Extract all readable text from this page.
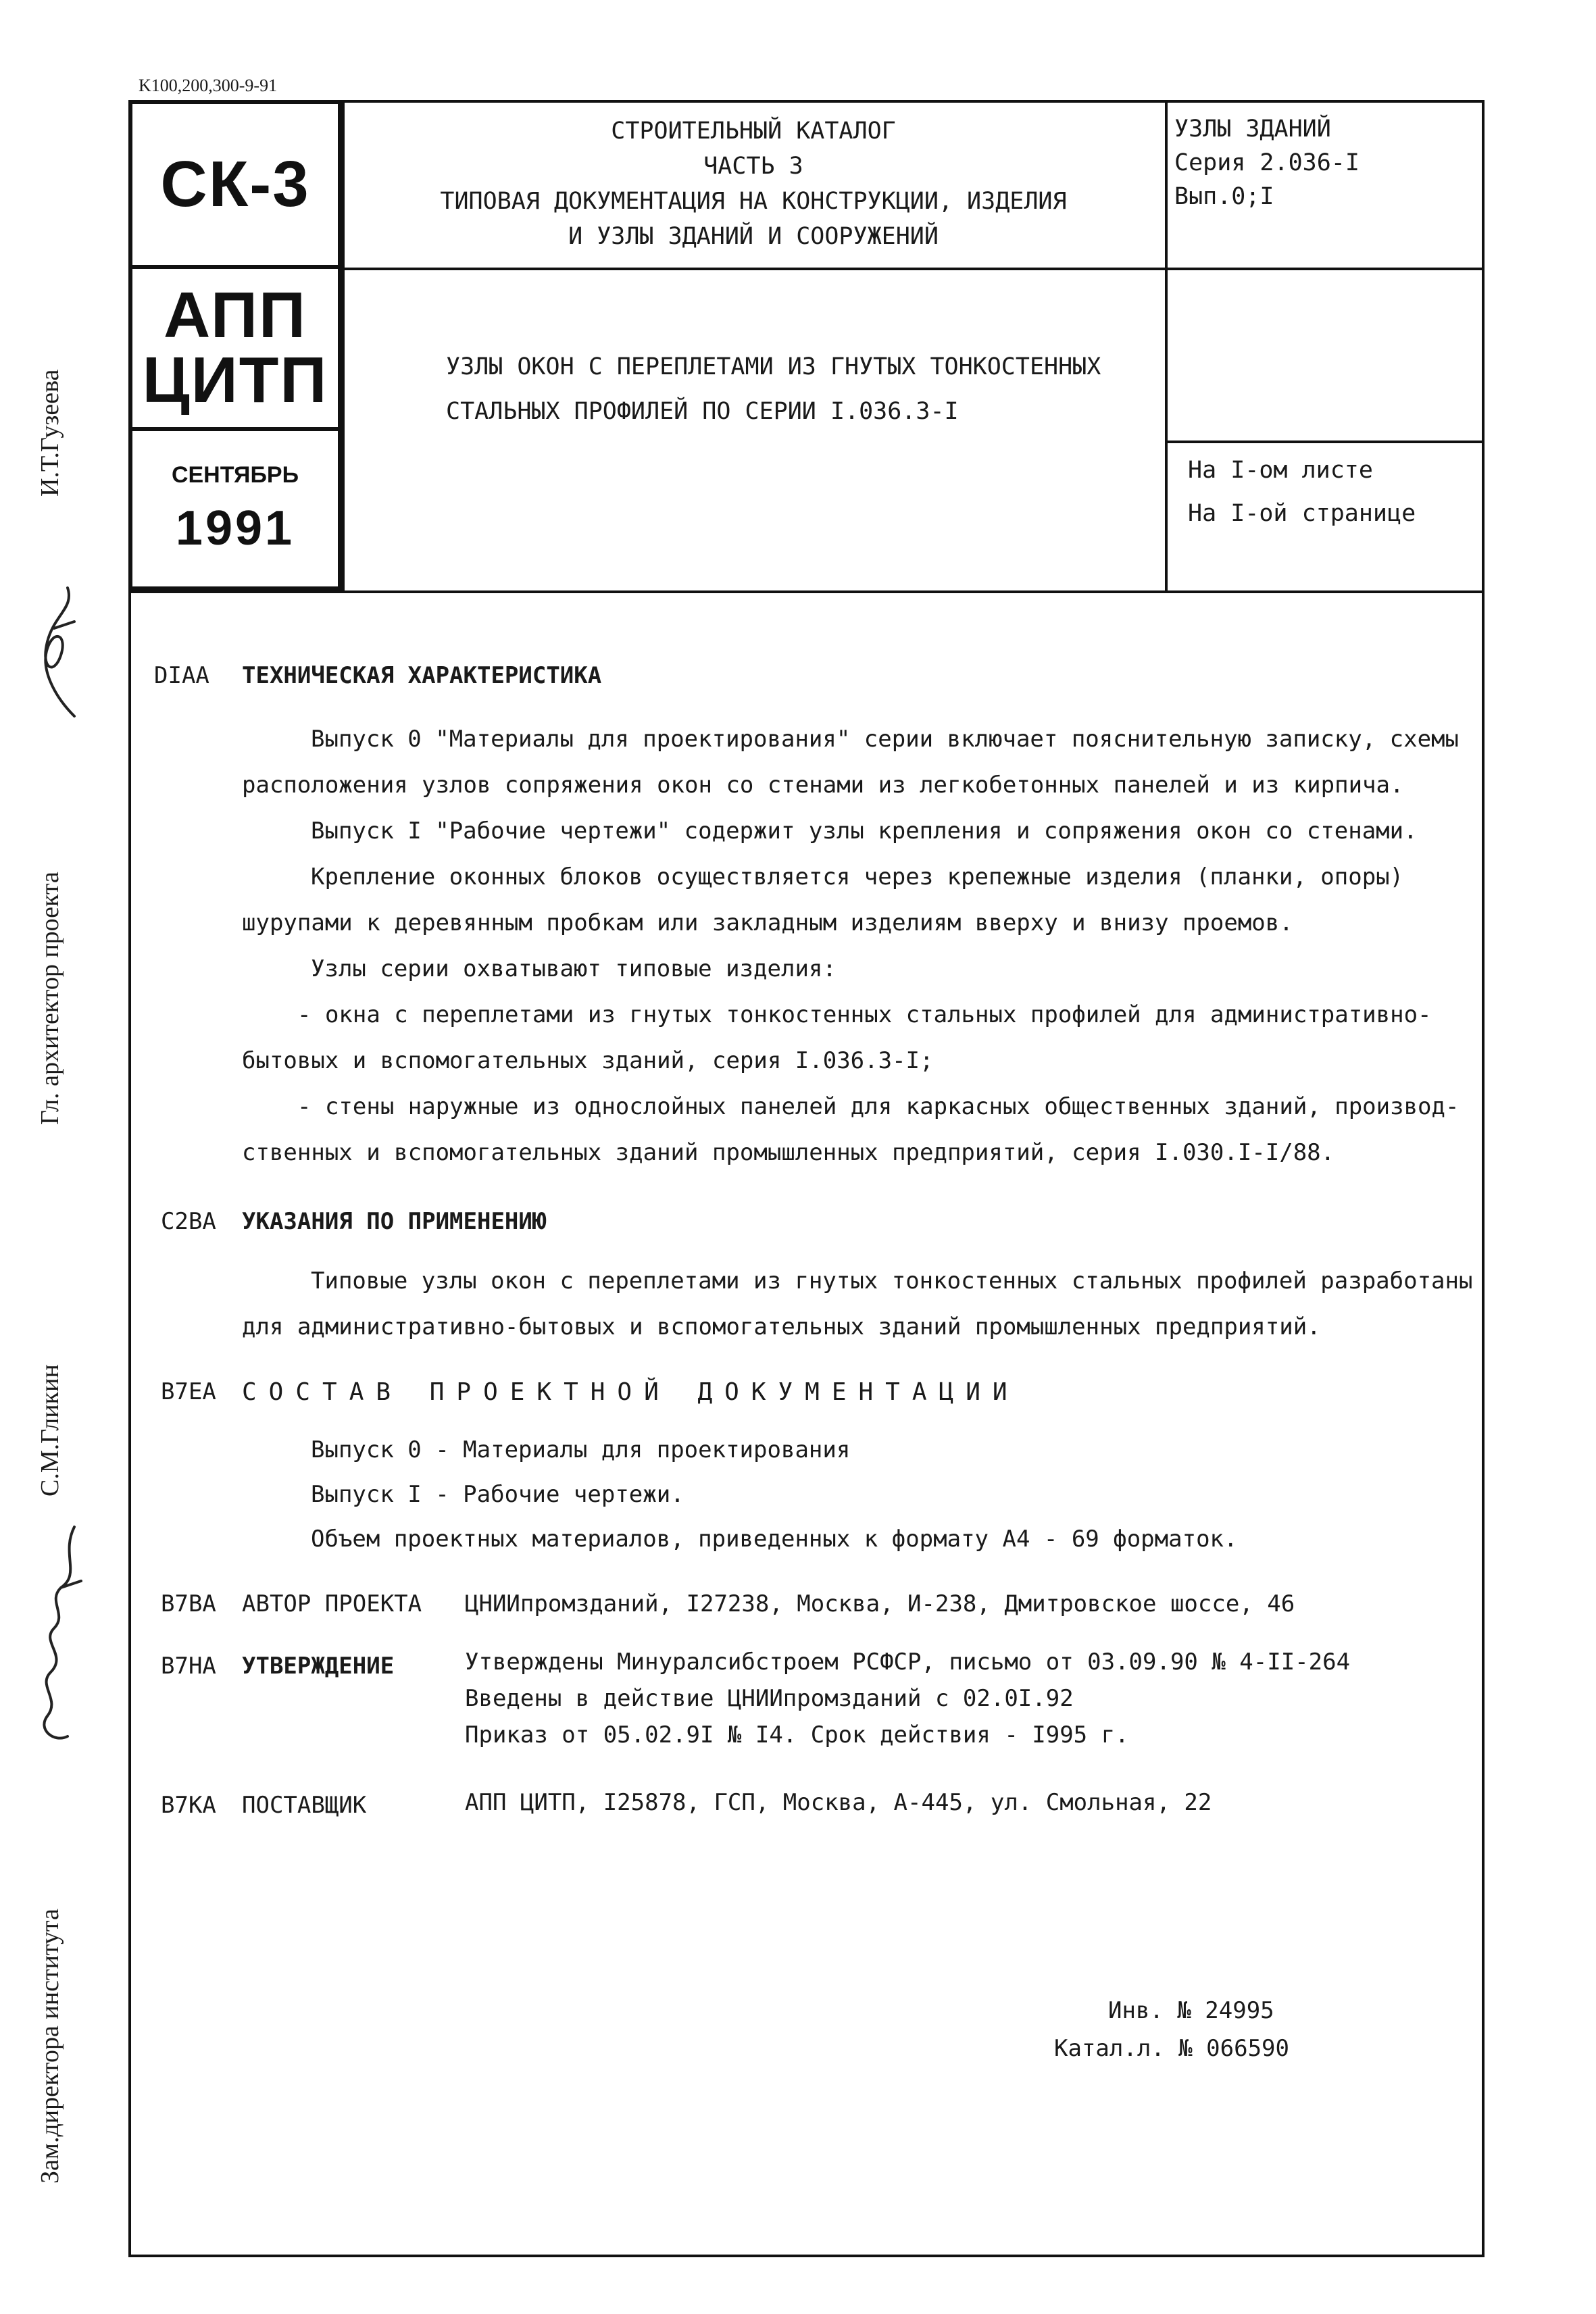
K100,200,300-9-91
СК-3
АПП
ЦИТП
СЕНТЯБРЬ
1991
СТРОИТЕЛЬНЫЙ КАТАЛОГ
ЧАСТЬ 3
ТИПОВАЯ ДОКУМЕНТАЦИЯ НА КОНСТРУКЦИИ, ИЗДЕЛИЯ
И УЗЛЫ ЗДАНИЙ И СООРУЖЕНИЙ
УЗЛЫ ЗДАНИЙ
Серия 2.036-I
Вып.0;I
УЗЛЫ ОКОН С ПЕРЕПЛЕТАМИ ИЗ ГНУТЫХ ТОНКОСТЕННЫХ
СТАЛЬНЫХ ПРОФИЛЕЙ ПО СЕРИИ I.036.3-I
На I-ом листе
На I-ой странице
И.Т.Гузеева
Гл. архитектор проекта
С.М.Гликин
Зам.директора института
DIAA ТЕХНИЧЕСКАЯ ХАРАКТЕРИСТИКА
Выпуск 0 "Материалы для проектирования" серии включает пояснительную записку, схемы
расположения узлов сопряжения окон со стенами из легкобетонных панелей и из кирпича.
Выпуск I "Рабочие чертежи" содержит узлы крепления и сопряжения окон со стенами.
Крепление оконных блоков осуществляется через крепежные изделия (планки, опоры)
шурупами к деревянным пробкам или закладным изделиям вверху и внизу проемов.
Узлы серии охватывают типовые изделия:
- окна с переплетами из гнутых тонкостенных стальных профилей для административно-
бытовых и вспомогательных зданий, серия I.036.3-I;
- стены наружные из однослойных панелей для каркасных общественных зданий, производ-
ственных и вспомогательных зданий промышленных предприятий, серия I.030.I-I/88.
C2BA УКАЗАНИЯ ПО ПРИМЕНЕНИЮ
Типовые узлы окон с переплетами из гнутых тонкостенных стальных профилей разработаны
для административно-бытовых и вспомогательных зданий промышленных предприятий.
B7EA СОСТАВ ПРОЕКТНОЙ ДОКУМЕНТАЦИИ
Выпуск 0 - Материалы для проектирования
Выпуск I - Рабочие чертежи.
Объем проектных материалов, приведенных к формату А4 - 69 форматок.
B7BA АВТОР ПРОЕКТА ЦНИИпромзданий, I27238, Москва, И-238, Дмитровское шоссе, 46
B7HA УТВЕРЖДЕНИЕ	Утверждены Минуралсибстроем РСФСР, письмо от 03.09.90 № 4-II-264
Введены в действие ЦНИИпромзданий с 02.0I.92
Приказ от 05.02.9I № I4. Срок действия - I995 г.
B7KA ПОСТАВЩИК	АПП ЦИТП, I25878, ГСП, Москва, А-445, ул. Смольная, 22
Инв. № 24995
Катал.л. № 066590
